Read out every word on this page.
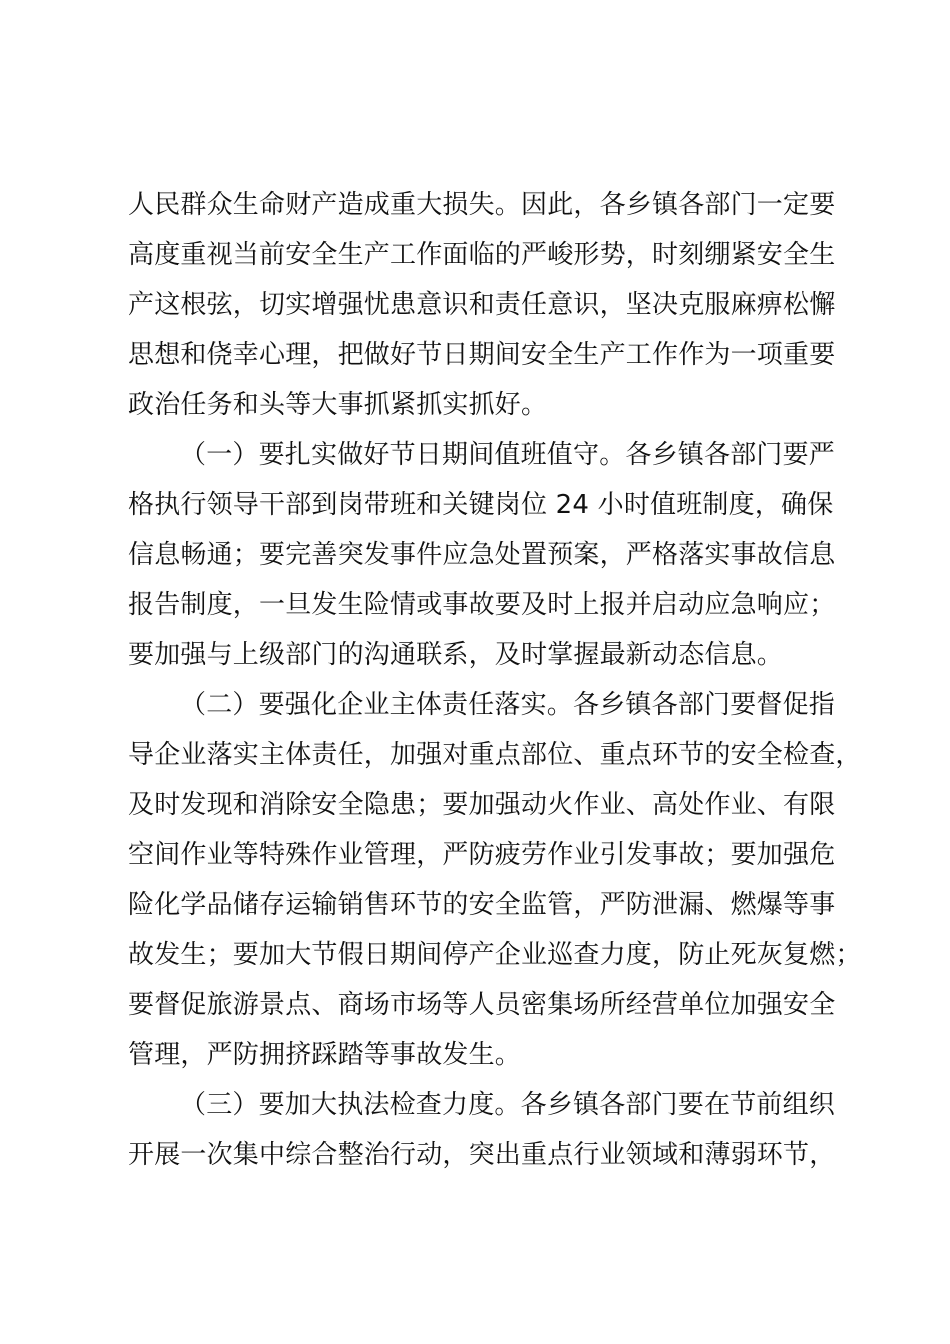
人民群众生命财产造成重大损失。因此，各乡镇各部门一定要
高度重视当前安全生产工作面临的严峻形势，时刻绷紧安全生
产这根弦，切实增强忧患意识和责任意识，坚决克服麻痹松懈
思想和侥幸心理，把做好节日期间安全生产工作作为一项重要
政治任务和头等大事抓紧抓实抓好。
（一）要扎实做好节日期间值班值守。各乡镇各部门要严
格执行领导干部到岗带班和关键岗位 24 小时值班制度，确保
信息畅通；要完善突发事件应急处置预案，严格落实事故信息
报告制度，一旦发生险情或事故要及时上报并启动应急响应；
要加强与上级部门的沟通联系，及时掌握最新动态信息。
（二）要强化企业主体责任落实。各乡镇各部门要督促指
导企业落实主体责任，加强对重点部位、重点环节的安全检查，
及时发现和消除安全隐患；要加强动火作业、高处作业、有限
空间作业等特殊作业管理，严防疲劳作业引发事故；要加强危
险化学品储存运输销售环节的安全监管，严防泄漏、燃爆等事
故发生；要加大节假日期间停产企业巡查力度，防止死灰复燃；
要督促旅游景点、商场市场等人员密集场所经营单位加强安全
管理，严防拥挤踩踏等事故发生。
（三）要加大执法检查力度。各乡镇各部门要在节前组织
开展一次集中综合整治行动，突出重点行业领域和薄弱环节，
